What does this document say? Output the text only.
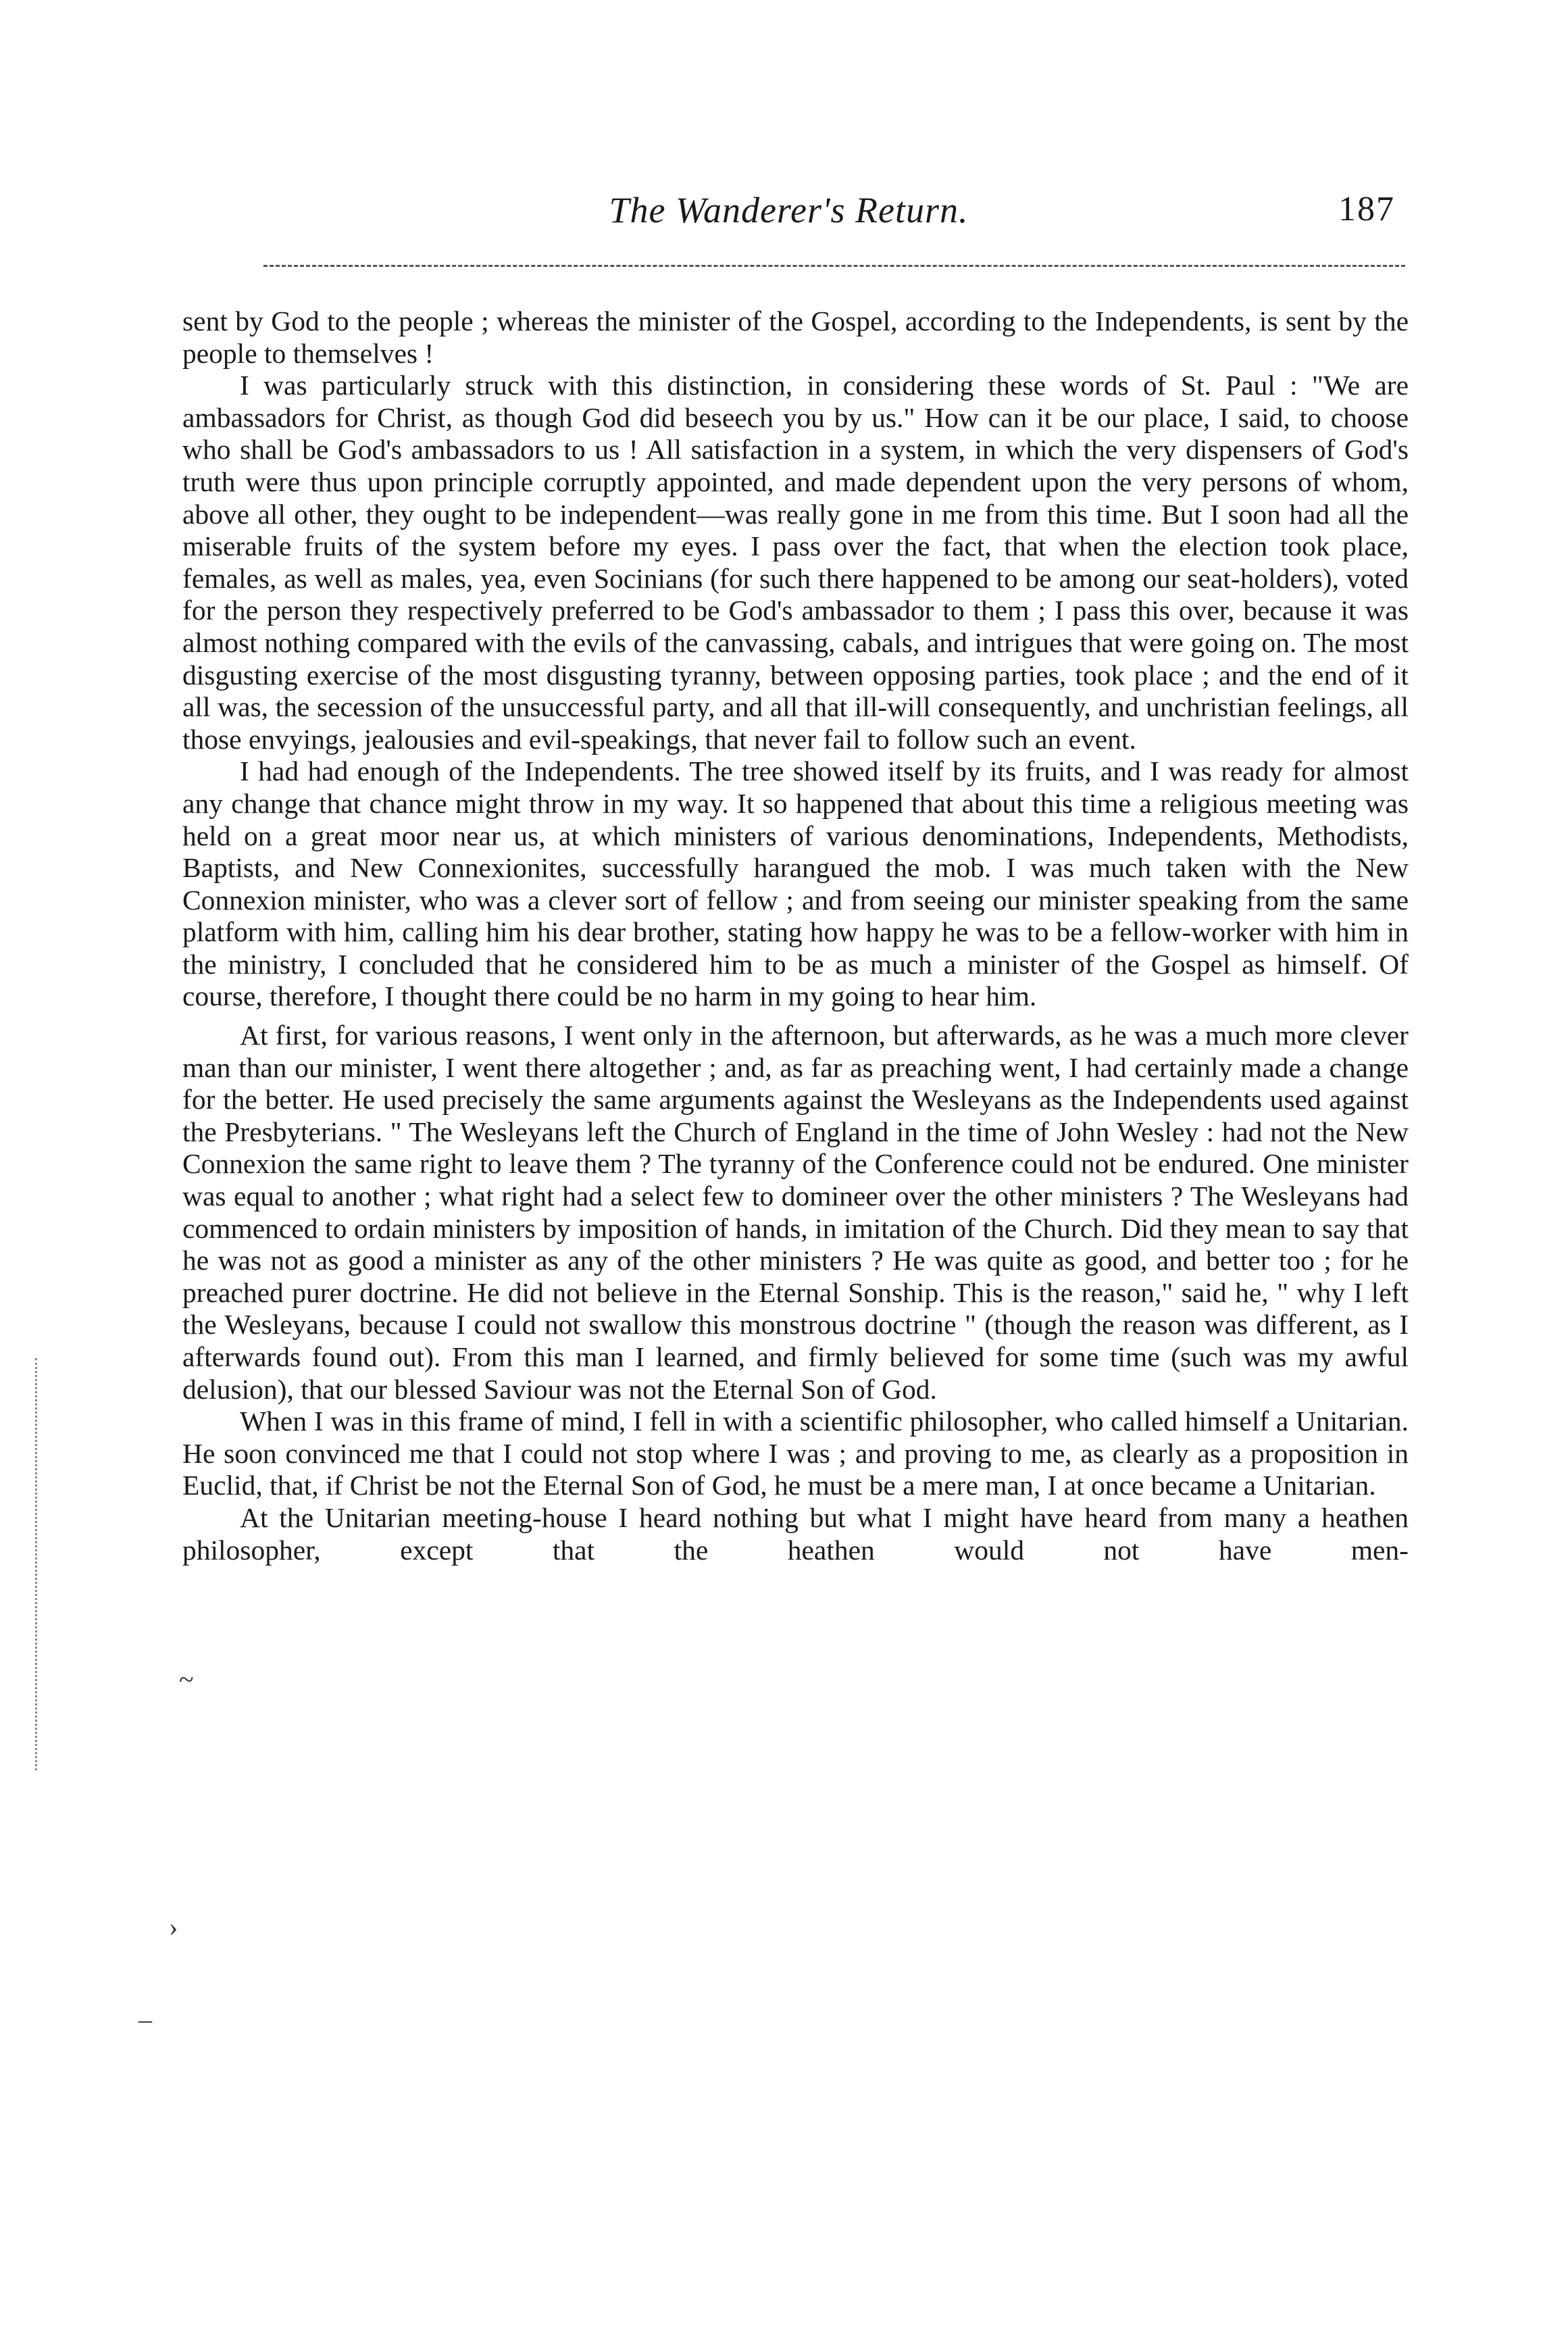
The Wanderer's Return.	187
~
›
–

sent by God to the people ; whereas the minister of the Gospel, according to the Independents, is sent by the people to themselves !

I was particularly struck with this distinction, in considering these words of St. Paul : "We are ambassadors for Christ, as though God did beseech you by us." How can it be our place, I said, to choose who shall be God's ambassadors to us ! All satisfaction in a system, in which the very dispensers of God's truth were thus upon principle corruptly appointed, and made dependent upon the very persons of whom, above all other, they ought to be independent—was really gone in me from this time. But I soon had all the miserable fruits of the system before my eyes. I pass over the fact, that when the election took place, females, as well as males, yea, even Socinians (for such there happened to be among our seat-holders), voted for the person they respectively preferred to be God's ambassador to them ; I pass this over, because it was almost nothing compared with the evils of the canvassing, cabals, and intrigues that were going on. The most disgusting exercise of the most disgusting tyranny, between opposing parties, took place ; and the end of it all was, the secession of the unsuccessful party, and all that ill-will consequently, and unchristian feelings, all those envyings, jealousies and evil-speakings, that never fail to follow such an event.

I had had enough of the Independents. The tree showed itself by its fruits, and I was ready for almost any change that chance might throw in my way. It so happened that about this time a religious meeting was held on a great moor near us, at which ministers of various denominations, Independents, Methodists, Baptists, and New Connexionites, successfully harangued the mob. I was much taken with the New Connexion minister, who was a clever sort of fellow ; and from seeing our minister speaking from the same platform with him, calling him his dear brother, stating how happy he was to be a fellow-worker with him in the ministry, I concluded that he considered him to be as much a minister of the Gospel as himself. Of course, therefore, I thought there could be no harm in my going to hear him.

At first, for various reasons, I went only in the afternoon, but afterwards, as he was a much more clever man than our minister, I went there altogether ; and, as far as preaching went, I had certainly made a change for the better. He used precisely the same arguments against the Wesleyans as the Independents used against the Presbyterians. " The Wesleyans left the Church of England in the time of John Wesley : had not the New Connexion the same right to leave them ? The tyranny of the Conference could not be endured. One minister was equal to another ; what right had a select few to domineer over the other ministers ? The Wesleyans had commenced to ordain ministers by imposition of hands, in imitation of the Church. Did they mean to say that he was not as good a minister as any of the other ministers ? He was quite as good, and better too ; for he preached purer doctrine. He did not believe in the Eternal Sonship. This is the reason," said he, " why I left the Wesleyans, because I could not swallow this monstrous doctrine " (though the reason was different, as I afterwards found out). From this man I learned, and firmly believed for some time (such was my awful delusion), that our blessed Saviour was not the Eternal Son of God.

When I was in this frame of mind, I fell in with a scientific philosopher, who called himself a Unitarian. He soon convinced me that I could not stop where I was ; and proving to me, as clearly as a proposition in Euclid, that, if Christ be not the Eternal Son of God, he must be a mere man, I at once became a Unitarian.

At the Unitarian meeting-house I heard nothing but what I might have heard from many a heathen philosopher, except that the heathen would not have men-
